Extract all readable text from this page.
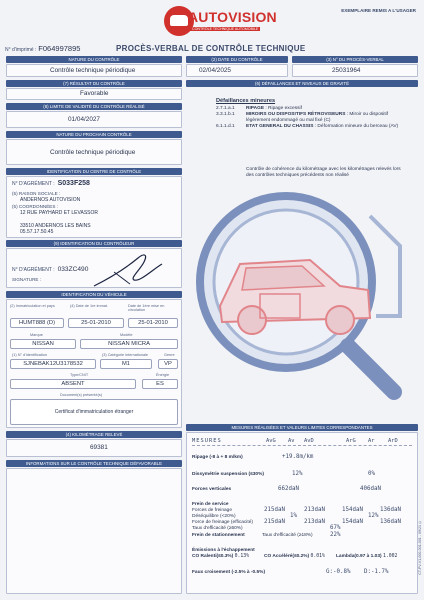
AUTOVISION
CONTRÔLE TECHNIQUE AUTOMOBILE
EXEMPLAIRE REMIS A L'USAGER
N° d'imprimé : F064997895	PROCÈS-VERBAL DE CONTRÔLE TECHNIQUE
NATURE DU CONTRÔLE
Contrôle technique périodique
(2) DATE DU CONTRÔLE
02/04/2025
(3) N° DU PROCÈS-VERBAL
25031964
(7) RÉSULTAT DU CONTRÔLE
Favorable
(6) DÉFAILLANCES ET NIVEAUX DE GRAVITÉ
(8) LIMITE DE VALIDITÉ DU CONTRÔLE RÉALISÉ
01/04/2027
NATURE DU PROCHAIN CONTRÔLE
Contrôle technique périodique
Défaillances mineures
2.7.1.a.1	RIPAGE : Ripage excessif
3.3.1.b.1	MIROIRS OU DISPOSITIFS RÉTROVISEURS : Miroir ou dispositif légèrement endommagé ou mal fixé (C)
6.1.1.d.1	ETAT GENERAL DU CHASSIS : Déformation mineure du berceau (AV)
Contrôle de cohérence du kilométrage avec les kilométrages relevés lors des contrôles techniques précédents non réalisé
IDENTIFICATION DU CENTRE DE CONTRÔLE
N° D'AGRÉMENT : S033F258
(5) RAISON SOCIALE :
ANDERNOS AUTOVISION
(5) COORDONNÉES :
12 RUE PAYHARD ET LEVASSOR
33510 ANDERNOS LES BAINS
05.57.17.50.45
(9) IDENTIFICATION DU CONTRÔLEUR
N° D'AGRÉMENT : 033ZC490
SIGNATURE :
IDENTIFICATION DU VÉHICULE
(2) Immatriculation et pays	(4) Date de 1re immat.	Date de 1ère mise en circulation
HUMT888 (D)	25-01-2010	25-01-2010
Marque	Modèle
NISSAN	NISSAN MICRA
(1) N° d'identification	(3) Catégorie internationale	Genre
SJNEBAK12U3178532	M1	VP
Type/CNIT	Énergie
ABSENT	ES
Document(s) présenté(s)
Certificat d'immatriculation étranger
(4) KILOMÉTRAGE RELEVÉ
69381
INFORMATIONS SUR LE CONTRÔLE TECHNIQUE DÉFAVORABLE
MESURES RÉALISÉES ET VALEURS LIMITES CORRESPONDANTES
MESURES	AvG Av AvD	ArG Ar	ArD
Ripage (-8 à + 8 m/km)	+19.8m/km
Dissymétrie suspension (≤30%)	12%	0%
Forces verticales	662daN	406daN
Frein de service
Forces de freinage	215daN	213daN	154daN	136daN
Déséquilibre (<20%)	1%	12%
Force de freinage (efficacité) 215daN	213daN	154daN	136daN
Taux d'efficacité (≥50%)	67%
Frein de stationnement	Taux d'efficacité (≥18%)	22%
Émissions à l'échappement
CO Ralenti(≤0.3%) 0.13%	CO Accéléré(≤0.2%) 0.01% Lambda(0.97 à 1.03) 1.002
Faux croisement (-2.5% à -0.5%)	G:-0.8% D:-1.7%	CT-PV-V1-000-001-001 - 09/21 ©
